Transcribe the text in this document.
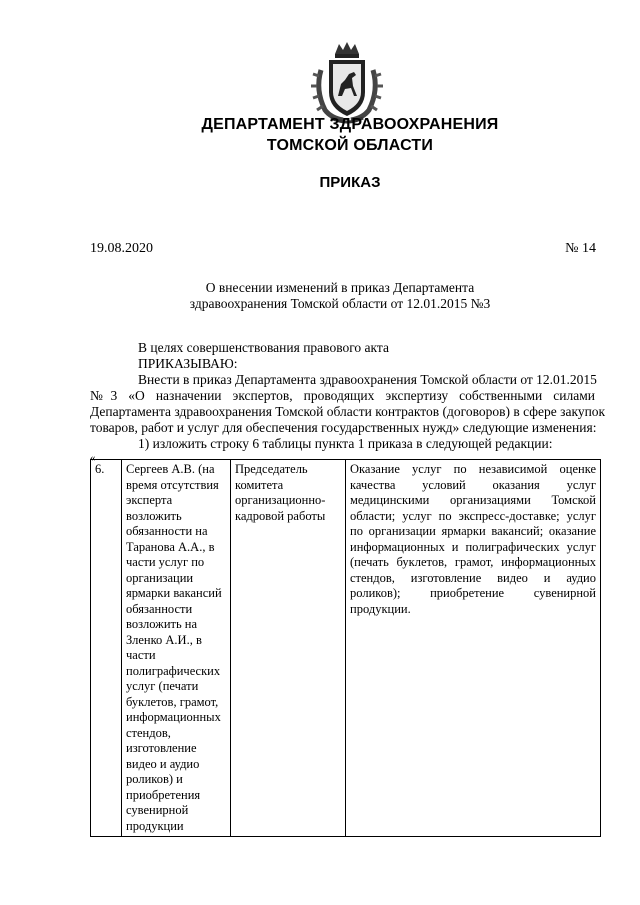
ДЕПАРТАМЕНТ ЗДРАВООХРАНЕНИЯ
ТОМСКОЙ ОБЛАСТИ
ПРИКАЗ
19.08.2020	№ 14
О внесении изменений в приказ Департамента
здравоохранения Томской области от 12.01.2015 №3
В целях совершенствования правового акта
ПРИКАЗЫВАЮ:
Внести в приказ Департамента здравоохранения Томской области от 12.01.2015
№3 «О назначении экспертов, проводящих экспертизу собственными силами
Департамента здравоохранения Томской области контрактов (договоров) в сфере закупок
товаров, работ и услуг для обеспечения государственных нужд» следующие изменения:
1) изложить строку 6 таблицы пункта 1 приказа в следующей редакции:
«
6.	Сергеев А.В. (на время отсутствия эксперта возложить обязанности на Таранова А.А., в части услуг по организации ярмарки вакансий обязанности возложить на Зленко А.И., в части полиграфических услуг (печати буклетов, грамот, информационных стендов, изготовление видео и аудио роликов) и приобретения сувенирной продукции	Председатель комитета организационно-кадровой работы	Оказание услуг по независимой оценке качества условий оказания услуг медицинскими организациями Томской области; услуг по экспресс-доставке; услуг по организации ярмарки вакансий; оказание информационных и полиграфических услуг (печать буклетов, грамот, информационных стендов, изготовление видео и аудио роликов); приобретение сувенирной продукции.
